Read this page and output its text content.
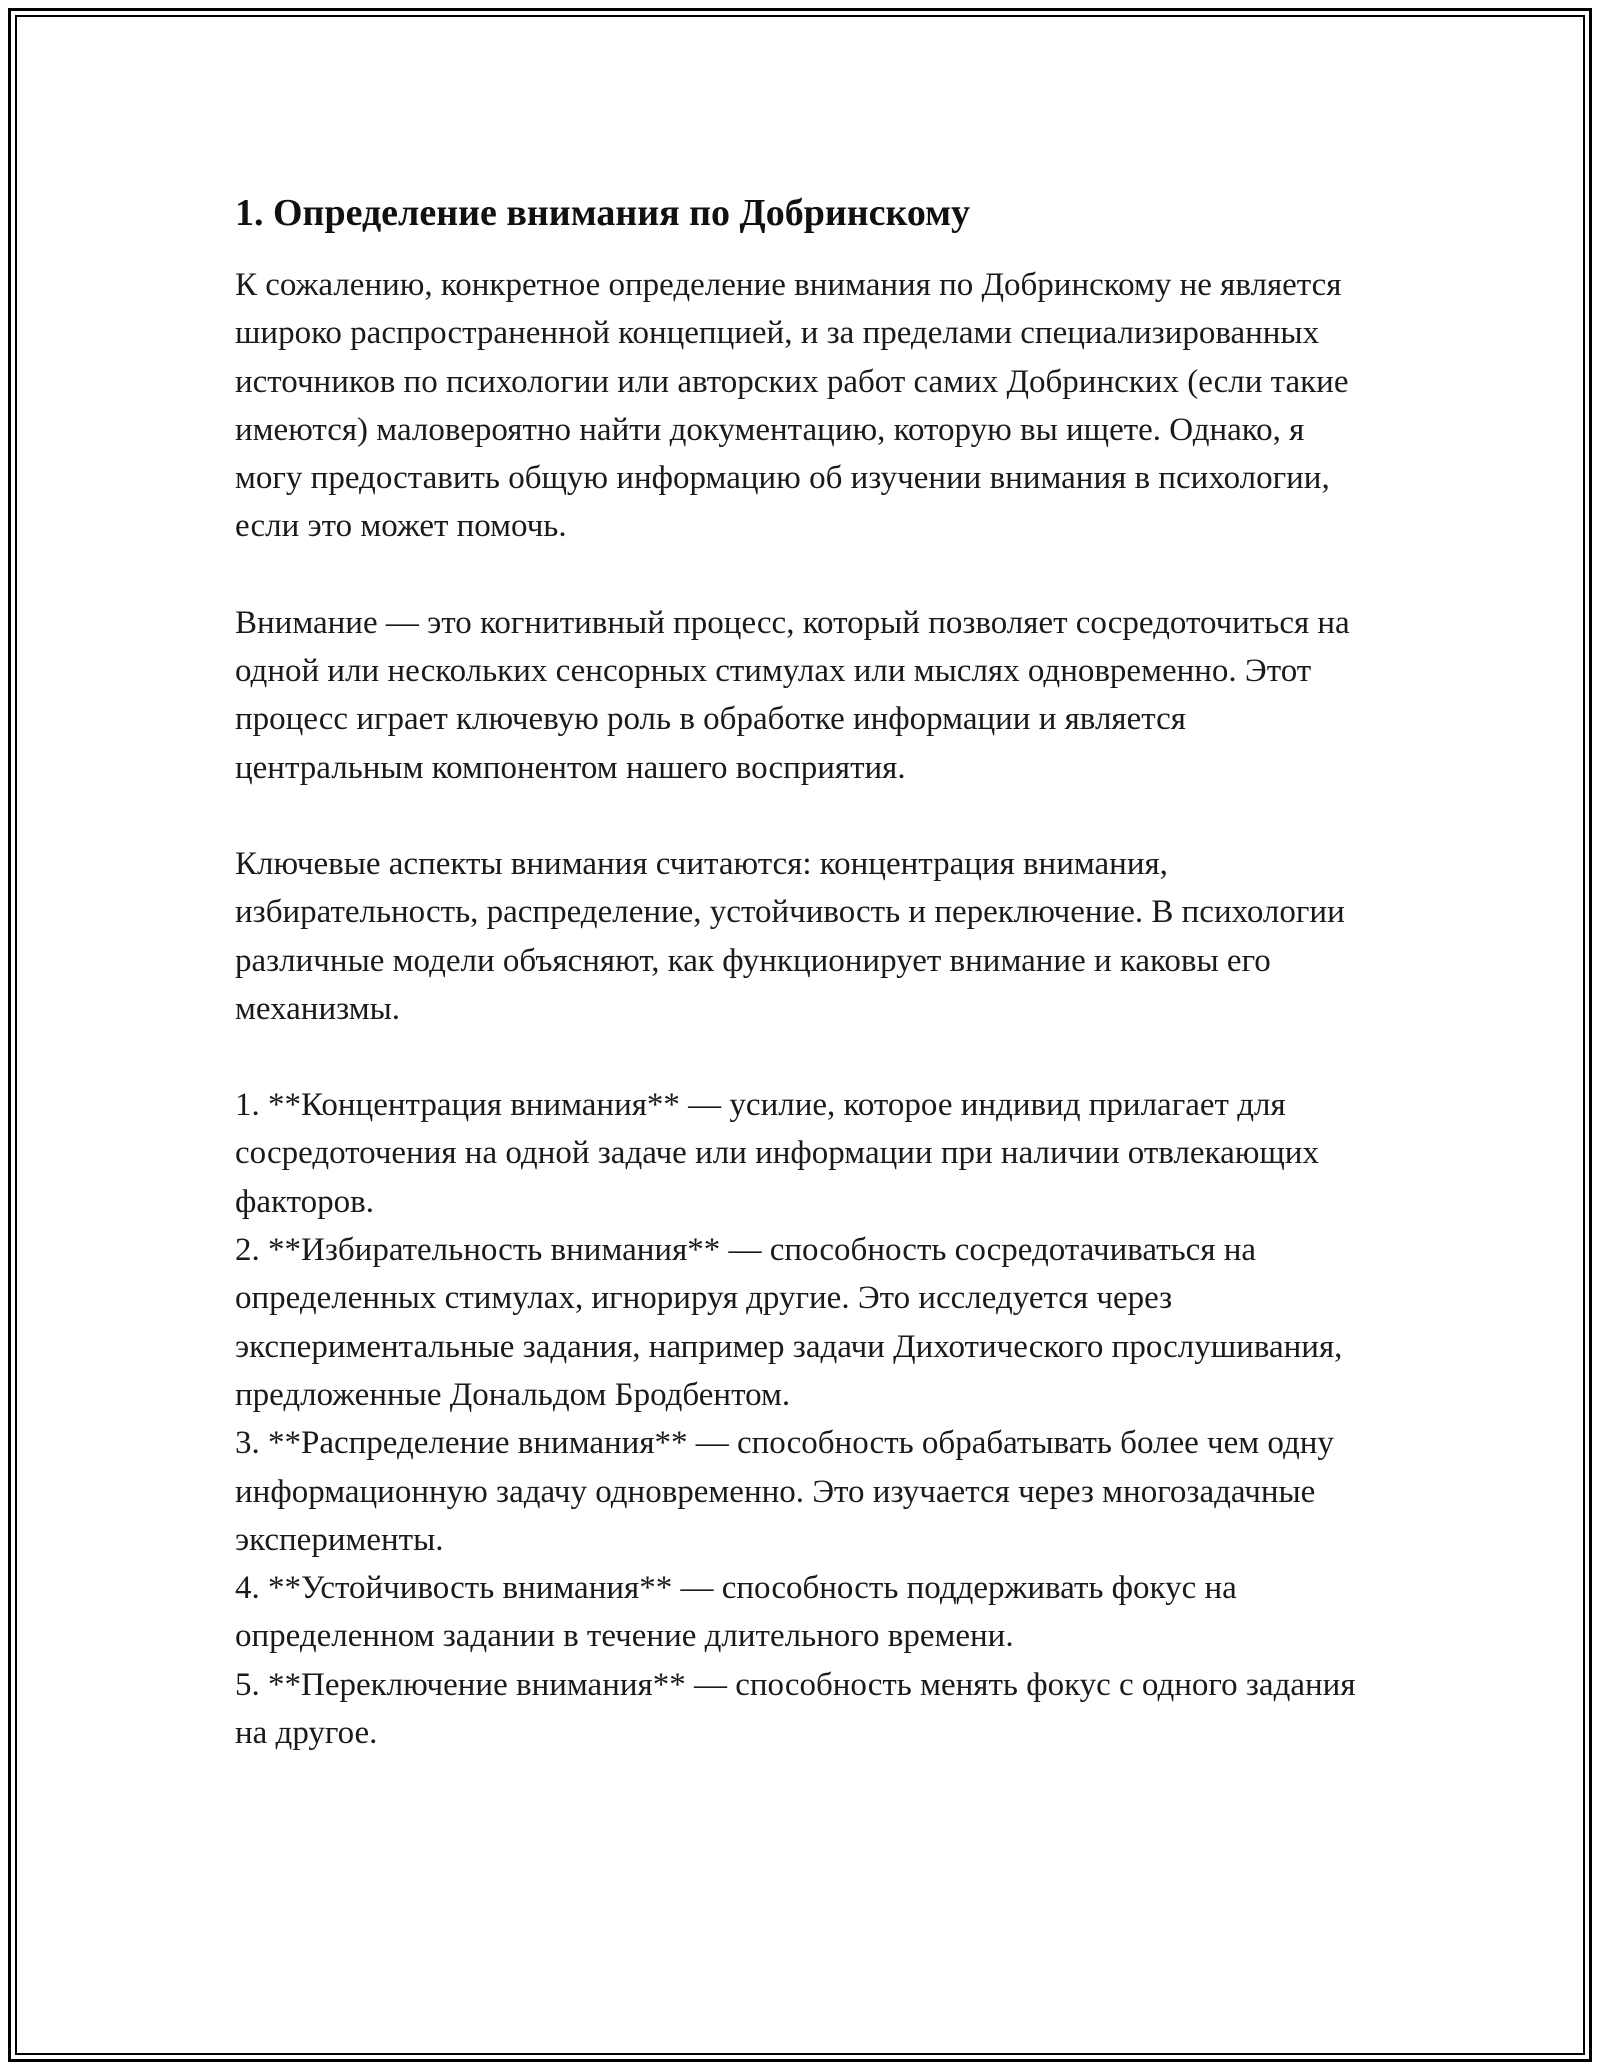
1. Определение внимания по Добринскому

К сожалению, конкретное определение внимания по Добринскому не является широко распространенной концепцией, и за пределами специализированных источников по психологии или авторских работ самих Добринских (если такие имеются) маловероятно найти документацию, которую вы ищете. Однако, я могу предоставить общую информацию об изучении внимания в психологии, если это может помочь.

Внимание — это когнитивный процесс, который позволяет сосредоточиться на одной или нескольких сенсорных стимулах или мыслях одновременно. Этот процесс играет ключевую роль в обработке информации и является центральным компонентом нашего восприятия.

Ключевые аспекты внимания считаются: концентрация внимания, избирательность, распределение, устойчивость и переключение. В психологии различные модели объясняют, как функционирует внимание и каковы его механизмы.

1. **Концентрация внимания** — усилие, которое индивид прилагает для сосредоточения на одной задаче или информации при наличии отвлекающих факторов.
2. **Избирательность внимания** — способность сосредотачиваться на определенных стимулах, игнорируя другие. Это исследуется через экспериментальные задания, например задачи Дихотического прослушивания, предложенные Дональдом Бродбентом.
3. **Распределение внимания** — способность обрабатывать более чем одну информационную задачу одновременно. Это изучается через многозадачные эксперименты.
4. **Устойчивость внимания** — способность поддерживать фокус на определенном задании в течение длительного времени.
5. **Переключение внимания** — способность менять фокус с одного задания на другое.
